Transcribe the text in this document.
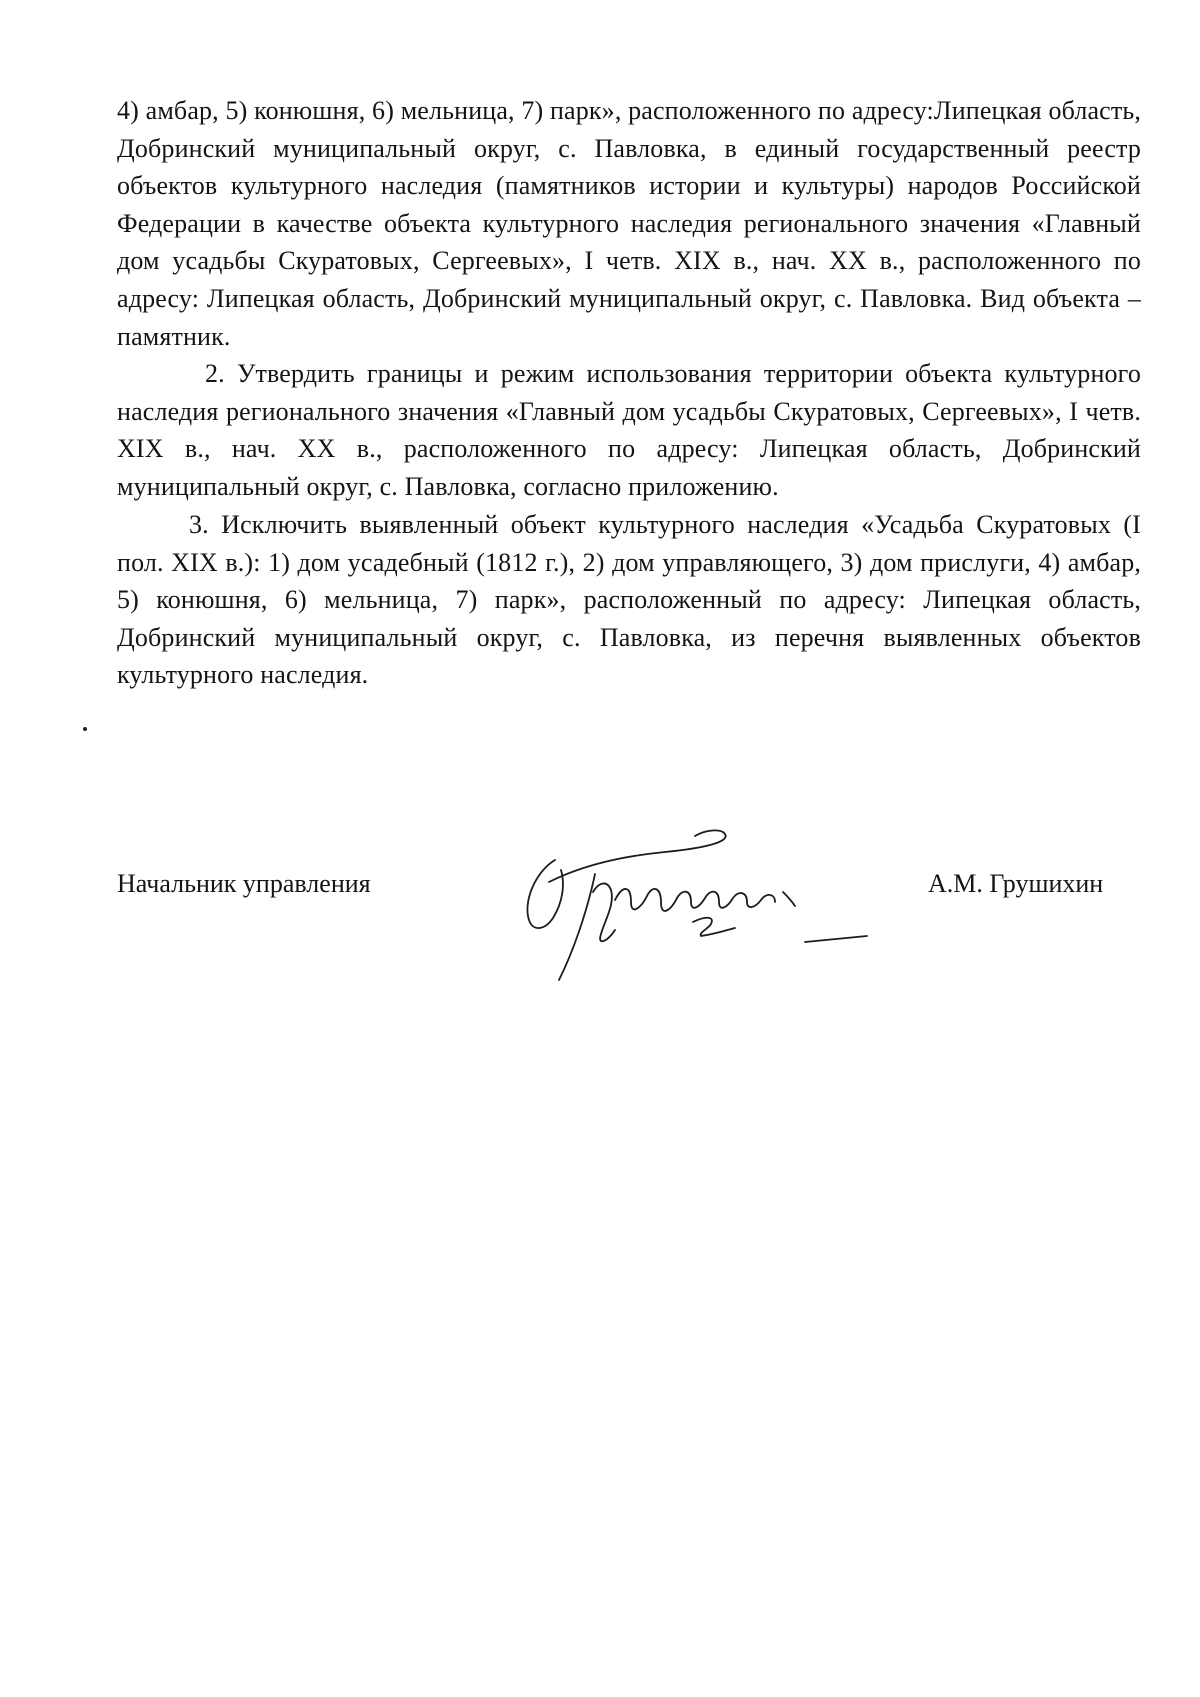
4) амбар, 5) конюшня, 6) мельница, 7) парк», расположенного по адресу:Липецкая область, Добринский муниципальный округ, с. Павловка, в единый государственный реестр объектов культурного наследия (памятников истории и культуры) народов Российской Федерации в качестве объекта культурного наследия регионального значения «Главный дом усадьбы Скуратовых, Сергеевых», I четв. XIX в., нач. XX в., расположенного по адресу: Липецкая область, Добринский муниципальный округ, с. Павловка. Вид объекта – памятник.

2. Утвердить границы и режим использования территории объекта культурного наследия регионального значения «Главный дом усадьбы Скуратовых, Сергеевых», I четв. XIX в., нач. XX в., расположенного по адресу: Липецкая область, Добринский муниципальный округ, с. Павловка, согласно приложению.

3. Исключить выявленный объект культурного наследия «Усадьба Скуратовых (I пол. XIX в.): 1) дом усадебный (1812 г.), 2) дом управляющего, 3) дом прислуги, 4) амбар, 5) конюшня, 6) мельница, 7) парк», расположенный по адресу: Липецкая область, Добринский муниципальный округ, с. Павловка, из перечня выявленных объектов культурного наследия.

Начальник управления	А.М. Грушихин
